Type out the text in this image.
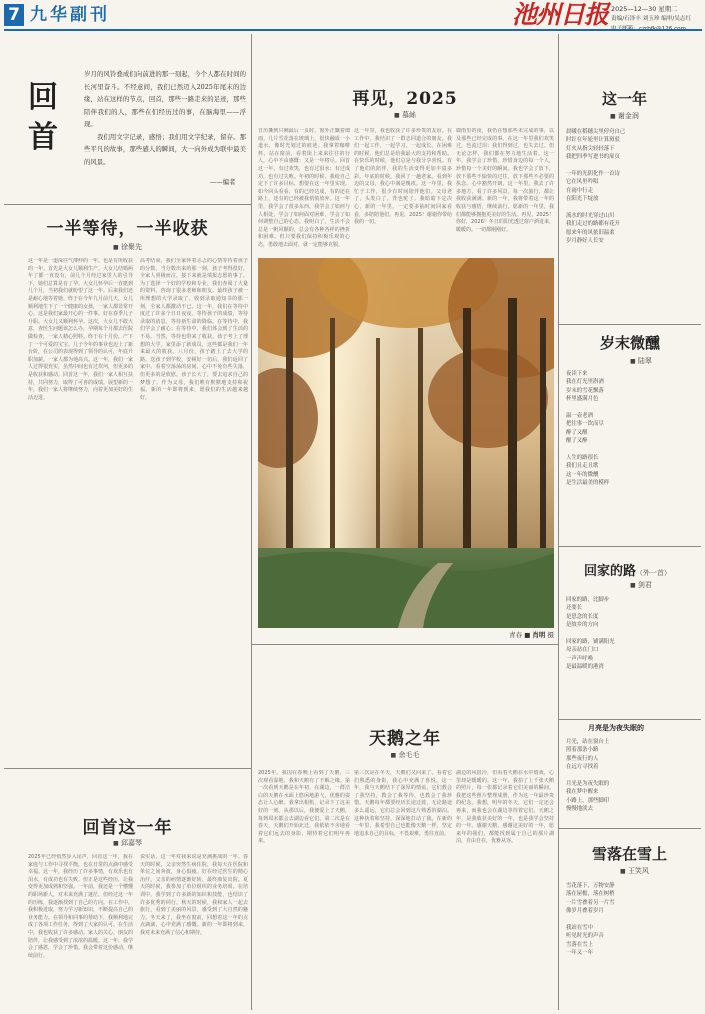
7 九华副刊	池州日报 2025—12—30 星期二
责编/石泽丰 刘玉珍 编审/吴志红
回
首
岁月的风铃叠成们向前进的那一刻起，今个人都在时间的长河里奋斗。不经意间，我们已然迈入2025年尾末的边缘，站在这样的节点，回首，那些一路走来的足迹，那些陪伴我们的人，那些在们经历过的事，在脑海里——浮现。
　　我们用文字记录，感悟；我们用文字纪录，留存。那些平凡的故事，那些感人的瞬间，大一向外成为联中最美的风景。
——编者
一半等待，一半收获
■ 徐聚先
这一年是一道深往气薄仲的一年。也是有所收获的一年。首先是大女儿顺利生产。大女儿结婚两年了都一直没有，前几个月经过家里人的引导下，她们总算是有了孕。大女儿怀孕后一直挺到几个月，当初我们就盼望了这一年。后来我们还是耐心地等着她。终于在今年九月前几天，女儿顺利地生下了一个健康的女孩，一家人都非常开心。这是我们家最开心的一件事。好在春季儿子升职。大女儿又顺利怀孕。这次，大女儿不敢大意，查医生问题该怎么办，孕期每个月都去医院做检查，一家人精心照料。终于在十月份，产下了一个可爱的宝宝。儿子今年的事业也迈上了新台阶，在公司的表现得到了领导的认可，年底升职加薪。一家人都为他高兴。这一年，我们一家人过得很充实，虽然中间也有过坎坷，但更多的是收获和感动。回首这一年，我们一家人相互扶持，共同努力，取得了可喜的成绩。展望新的一年，我们一家人将继续努力，向着更加美好的生活迈进。
高考结束，我们全家怀着忐忑的心情等待着孩子的分数。当分数出来的那一刻，孩子考得很好，全家人喜极而泣。接下来就是填报志愿的事了。为了选择一个好的学校和专业，我们查阅了大量的资料，咨询了很多老师和朋友。最终孩子被一所理想的大学录取了。收到录取通知书的那一刻，全家人都激动不已。这一年，我们在等待中度过了许多个日日夜夜。等待孩子的成绩，等待录取的消息，等待新生命的降临。在等待中，我们学会了耐心；在等待中，我们体会到了生活的不易。当然，等待也带来了收获。孩子考上了理想的大学，家里添了新成员，这些都是我们一年来最大的收获。八月份，孩子踏上了去大学的路。送孩子到学校，安顿好一切后，我们返回了家中。看着空荡荡的房间，心中不免有些失落，但更多的是欣慰。孩子长大了，要去追求自己的梦想了。作为父母，我们唯有默默地支持和祝福。新的一年即将到来，愿我们的生活越来越好。
回首这一年
■ 邱嘉琴
2025年已经悄然步入尾声，回首这一年，我在家庭与工作中寻找平衡，也在日常的点滴中感受幸福。这一年，我经历了许多事情，有欢乐也有泪水，有成功也有失败。但正是这些经历，让我变得更加成熟和坚强。一年前，我还是一个懵懂的职场新人，对未来充满了迷茫。但经过这一年的历练，我逐渐找到了自己的方向。在工作中，我积极进取，努力学习新知识，不断提高自己的业务能力。在领导和同事的帮助下，我顺利地完成了各项工作任务，得到了大家的认可。在生活中，我也收获了许多感动。家人的关心，朋友的陪伴，让我感受到了浓浓的温暖。这一年，我学会了感恩，学会了珍惜。我会带着这份感动，继续前行。
说实话，这一年对我来说是充满挑战的一年。春天的时候，父亲突然生病住院，我每天在医院和单位之间奔波，身心俱疲。好在经过医生的精心治疗，父亲的病情逐渐好转，最终康复出院。夏天的时候，我参加了单位组织的业务培训。在培训中，我学到了许多新的知识和技能，也结识了许多优秀的同行。秋天的时候，我和家人一起去旅行，看到了美丽的风景，感受到了大自然的魅力。冬天来了，我坐在窗前，回想着这一年的点点滴滴，心中充满了感慨。新的一年即将到来，我对未来充满了信心和期待。
再见，2025
■ 慕絲
日历撕到只剩最后一页时，窗外正飘着细雨。几片雪花落在玻璃上，很快融成一小道水，像时光划过的痕迹。我拿着咖啡杯，站在窗前，看着街上来来往往的行人，心中不由感慨：又是一年将尽。回首这一年，有过欢笑，也有过泪水；有过成功，也有过失败。年初的时候，我给自己定下了许多目标，想要在这一年里实现。如今回头看看，有的已经达成，有的还在路上，还有的已经被我悄悄放弃。这一年里，我学会了很多东西。我学会了如何与人相处，学会了如何面对困难，学会了如何调整自己的心态。我明白了，生活不会总是一帆风顺的，总会有各种各样的挫折和困难。但只要我们保持积极乐观的心态，勇敢地去面对，就一定能够克服。
这一年里，我也收获了许多珍贵的友谊。在工作中，我结识了一群志同道合的朋友。我们一起工作，一起学习，一起成长。在困难的时候，他们总是给我最大的支持和帮助。在快乐的时候，他们总是与我分享喜悦。有了他们的陪伴，我的生活变得更加丰富多彩。年底的时候，我回了一趟老家。看到年迈的父母，我心中满是愧疚。这一年里，我忙于工作，很少有时间陪伴他们。父母老了，头发白了，背也驼了。我暗暗下定决心，新的一年里，一定要多抽时间回家看看，多陪陪他们。再见，2025！谢谢你带给我的一切。
微雨里的夜，我仍在想那些未完成的事，以及那些已经完成的事。在这一年里我们欢笑过，也流过泪；我们得到过，也失去过。但无论怎样，我们都在努力地生活着。这一年，我学会了珍惜，珍惜身边的每一个人，珍惜每一个美好的瞬间。我也学会了放下，放下那些不愉快的过往，放下那些不必要的执念。心中豁然开朗。这一年里，我去了许多地方，看了许多风景。每一次旅行，都让我收获满满。新的一年，我将带着这一年的收获与感悟，继续前行。愿新的一年里，我们都能够拥抱更美好的生活。再见，2025！你好，2026！冬日的阳光透过窗户洒进来，暖暖的。一切都刚刚好。
青春 ■ 肖明 摄
天鹅之年
■ 余毛毛
2025年，我国在春晚上看到了天鹅，三次观看湿地，我和天鹅有了不解之缘。第一次看到天鹅是在年初，在湖边，一群洁白的天鹅在水面上悠闲地游弋，优雅的姿态让人心醉。我拿出相机，记录下了这美好的一刻。从那以后，我便爱上了天鹅，每到周末都会去湖边看它们。第二次是在春天，天鹅们开始北迁，我依依不舍地看着它们远去的身影，期待着它们明年再来。
第三次是在冬天，天鹅们又回来了。看着它们熟悉的身影，我心中充满了喜悦。这一年，我与天鹅结下了深厚的情谊。它们教会了我坚持，教会了我等待，也教会了我珍惜。天鹅每年都要经历长途迁徙，无论路途多么遥远，它们总会回到这片熟悉的湖泊。这种执着和坚持，深深地打动了我。在新的一年里，我希望自己也能像天鹅一样，坚定地追求自己的目标，不畏艰难，勇往直前。
湖边的风很冷，但看着天鹅在水中嬉戏，心里却是暖暖的。这一年，我拍了上千张天鹅的照片，每一张都记录着它们美丽的瞬间。我把这些照片整理成册，作为这一年最珍贵的纪念。我想，明年的冬天，它们一定还会再来，而我也会在湖边等待着它们。天鹅之年，是我收获美好的一年，也是我学会坚持的一年。感谢天鹅，感谢这美好的一年，愿来年的我们，都能找到属于自己的那片湖泊，自由自在，优雅从容。
这一年
■ 谢金润
晨曦在稻穗尖里停舟自己
时针在年轮里计算斑驳
灯火从指尖轻轻落下
我把四季写进书的扉页

一年的光阴化作一首诗
它在风里吟唱
在雨中行走
在阳光下绽放

流水的时光穿过山川
我们走过的路都有花开
愿来年的风依旧温柔
岁月静好人长安
岁末微醺
■ 陆翠
夜读下来
我在灯光里斟酒
岁末的雪花飘落
杯里盛满月色

温一壶老酒
把往事一饮而尽
醉了又醒
醒了又醉

人生的路很长
我们且走且歌
这一年的微醺
是生活最美的模样
回家的路（外一首）
■ 剑君
回家的路，比脚步
还要长
是思念的长度
是故乡的方向

回家的路，铺满阳光
母亲站在门口
一声声呼唤
是最温暖的港湾
月亮是为夜失眠的
月光，站在窗台上
照着那条小路
那些夜行的人
在远方寻找着

月光是为夜失眠的
我在梦中醒来
小路上，那些脚印
慢慢地淡去
雪落在雪上
■ 王笑风
雪花落下，万物安静
落在屋檐，落在树梢
一片雪叠着另一片雪
像岁月叠着岁月

我站在雪中
听见时光的声音
雪落在雪上
一年又一年
